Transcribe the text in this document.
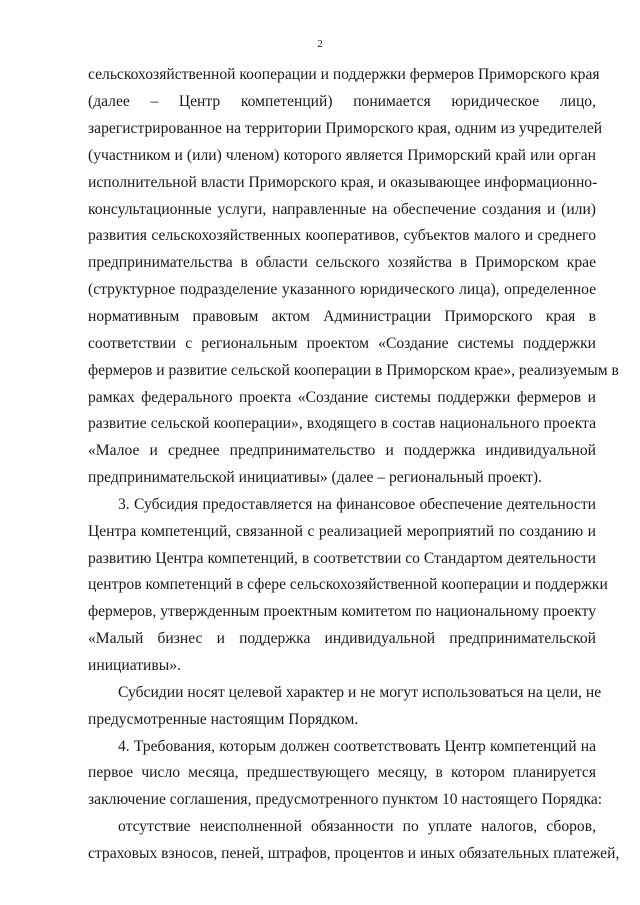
2
сельскохозяйственной кооперации и поддержки фермеров Приморского края
(далее – Центр компетенций) понимается юридическое лицо,
зарегистрированное на территории Приморского края, одним из учредителей
(участником и (или) членом) которого является Приморский край или орган
исполнительной власти Приморского края, и оказывающее информационно-
консультационные услуги, направленные на обеспечение создания и (или)
развития сельскохозяйственных кооперативов, субъектов малого и среднего
предпринимательства в области сельского хозяйства в Приморском крае
(структурное подразделение указанного юридического лица), определенное
нормативным правовым актом Администрации Приморского края в
соответствии с региональным проектом «Создание системы поддержки
фермеров и развитие сельской кооперации в Приморском крае», реализуемым в
рамках федерального проекта «Создание системы поддержки фермеров и
развитие сельской кооперации», входящего в состав национального проекта
«Малое и среднее предпринимательство и поддержка индивидуальной
предпринимательской инициативы» (далее – региональный проект).
3. Субсидия предоставляется на финансовое обеспечение деятельности
Центра компетенций, связанной с реализацией мероприятий по созданию и
развитию Центра компетенций, в соответствии со Стандартом деятельности
центров компетенций в сфере сельскохозяйственной кооперации и поддержки
фермеров, утвержденным проектным комитетом по национальному проекту
«Малый бизнес и поддержка индивидуальной предпринимательской
инициативы».
Субсидии носят целевой характер и не могут использоваться на цели, не
предусмотренные настоящим Порядком.
4. Требования, которым должен соответствовать Центр компетенций на
первое число месяца, предшествующего месяцу, в котором планируется
заключение соглашения, предусмотренного пунктом 10 настоящего Порядка:
отсутствие неисполненной обязанности по уплате налогов, сборов,
страховых взносов, пеней, штрафов, процентов и иных обязательных платежей,
